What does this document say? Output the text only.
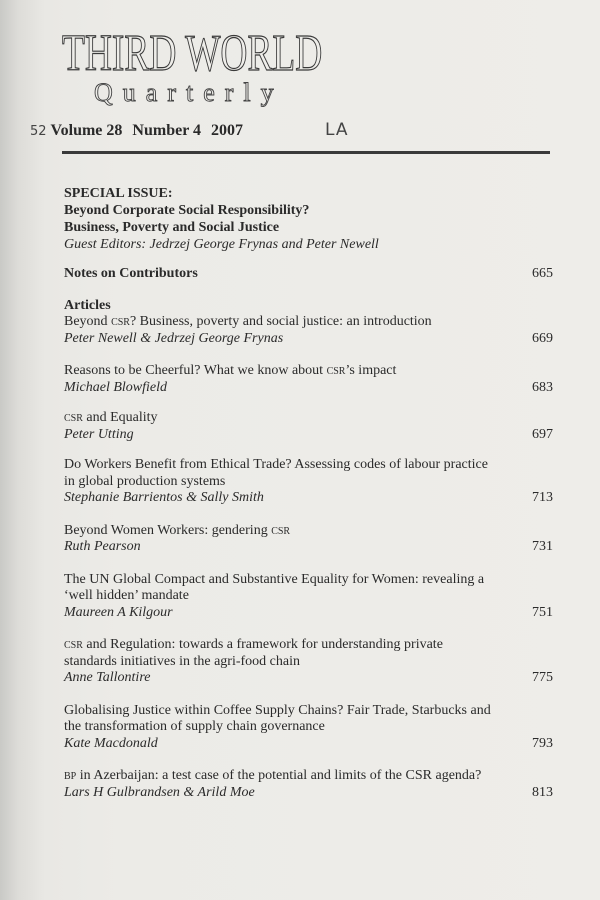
THIRD WORLD
Quarterly
52 Volume 28 Number 4 2007	LA
SPECIAL ISSUE:
Beyond Corporate Social Responsibility?
Business, Poverty and Social Justice
Guest Editors: Jedrzej George Frynas and Peter Newell
Notes on Contributors	665
Articles
Beyond csr? Business, poverty and social justice: an introduction
Peter Newell & Jedrzej George Frynas	669
Reasons to be Cheerful? What we know about csr’s impact
Michael Blowfield	683
csr and Equality
Peter Utting	697
Do Workers Benefit from Ethical Trade? Assessing codes of labour practice in global production systems
Stephanie Barrientos & Sally Smith	713
Beyond Women Workers: gendering csr
Ruth Pearson	731
The UN Global Compact and Substantive Equality for Women: revealing a ‘well hidden’ mandate
Maureen A Kilgour	751
csr and Regulation: towards a framework for understanding private standards initiatives in the agri-food chain
Anne Tallontire	775
Globalising Justice within Coffee Supply Chains? Fair Trade, Starbucks and the transformation of supply chain governance
Kate Macdonald	793
bp in Azerbaijan: a test case of the potential and limits of the CSR agenda?
Lars H Gulbrandsen & Arild Moe	813
